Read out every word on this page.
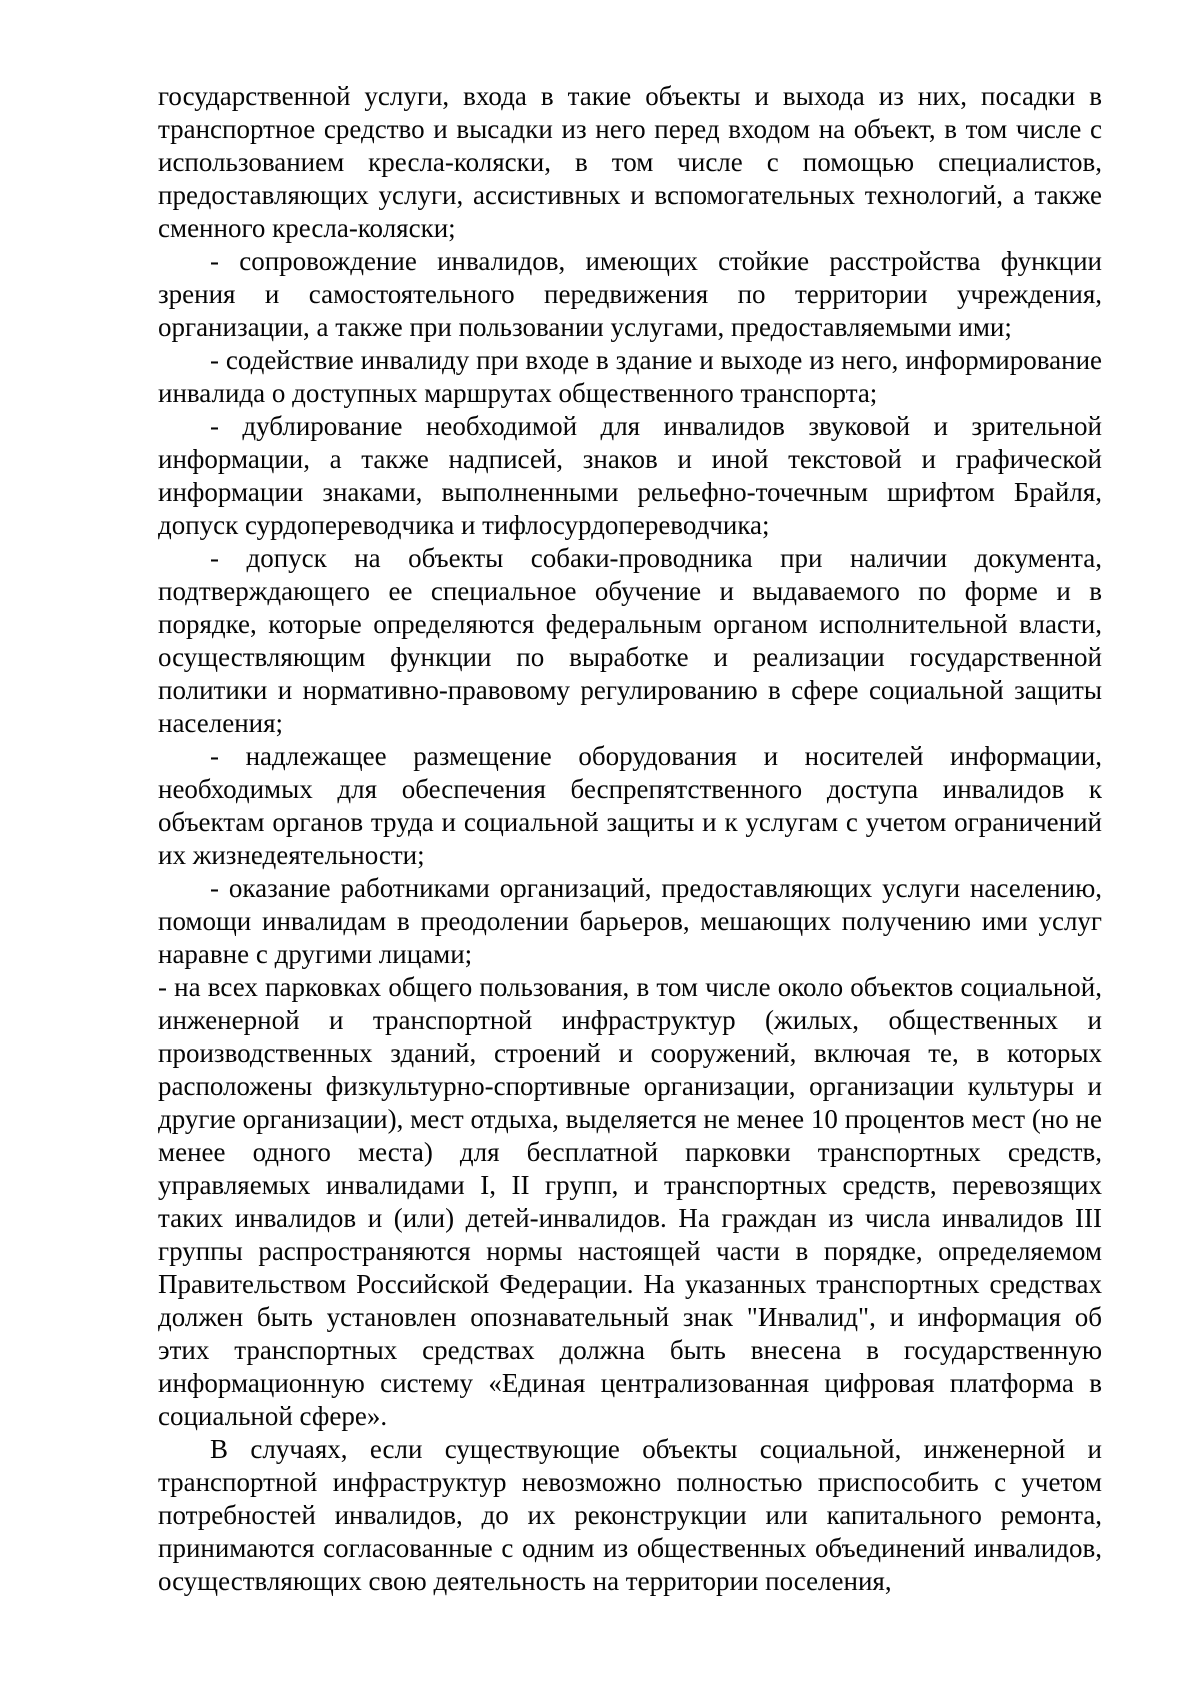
государственной услуги, входа в такие объекты и выхода из них, посадки в транспортное средство и высадки из него перед входом на объект, в том числе с использованием кресла-коляски, в том числе с помощью специалистов, предоставляющих услуги, ассистивных и вспомогательных технологий, а также сменного кресла-коляски;

- сопровождение инвалидов, имеющих стойкие расстройства функции зрения и самостоятельного передвижения по территории учреждения, организации, а также при пользовании услугами, предоставляемыми ими;

- содействие инвалиду при входе в здание и выходе из него, информирование инвалида о доступных маршрутах общественного транспорта;

- дублирование необходимой для инвалидов звуковой и зрительной информации, а также надписей, знаков и иной текстовой и графической информации знаками, выполненными рельефно-точечным шрифтом Брайля, допуск сурдопереводчика и тифлосурдопереводчика;

- допуск на объекты собаки-проводника при наличии документа, подтверждающего ее специальное обучение и выдаваемого по форме и в порядке, которые определяются федеральным органом исполнительной власти, осуществляющим функции по выработке и реализации государственной политики и нормативно-правовому регулированию в сфере социальной защиты населения;

- надлежащее размещение оборудования и носителей информации, необходимых для обеспечения беспрепятственного доступа инвалидов к объектам органов труда и социальной защиты и к услугам с учетом ограничений их жизнедеятельности;

- оказание работниками организаций, предоставляющих услуги населению, помощи инвалидам в преодолении барьеров, мешающих получению ими услуг наравне с другими лицами;

- на всех парковках общего пользования, в том числе около объектов социальной, инженерной и транспортной инфраструктур (жилых, общественных и производственных зданий, строений и сооружений, включая те, в которых расположены физкультурно-спортивные организации, организации культуры и другие организации), мест отдыха, выделяется не менее 10 процентов мест (но не менее одного места) для бесплатной парковки транспортных средств, управляемых инвалидами I, II групп, и транспортных средств, перевозящих таких инвалидов и (или) детей-инвалидов. На граждан из числа инвалидов III группы распространяются нормы настоящей части в порядке, определяемом Правительством Российской Федерации. На указанных транспортных средствах должен быть установлен опознавательный знак "Инвалид", и информация об этих транспортных средствах должна быть внесена в государственную информационную систему «Единая централизованная цифровая платформа в социальной сфере».

В случаях, если существующие объекты социальной, инженерной и транспортной инфраструктур невозможно полностью приспособить с учетом потребностей инвалидов, до их реконструкции или капитального ремонта, принимаются согласованные с одним из общественных объединений инвалидов, осуществляющих свою деятельность на территории поселения,
